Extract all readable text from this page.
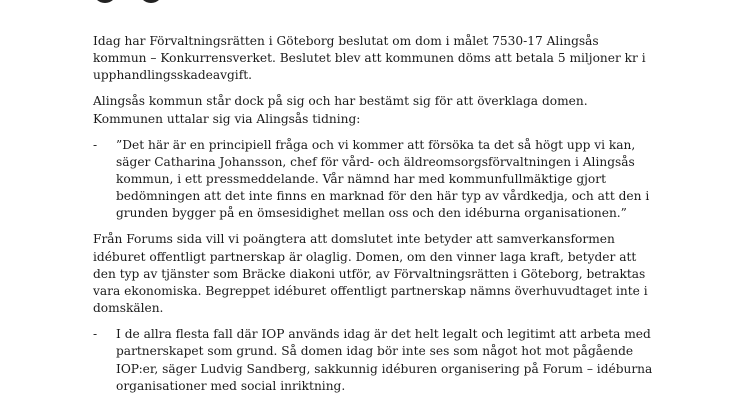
Idag har Förvaltningsrätten i Göteborg beslutat om dom i målet 7530-17 Alingsås
kommun – Konkurrensverket. Beslutet blev att kommunen döms att betala 5 miljoner kr i
upphandlingsskadeavgift.
Alingsås kommun står dock på sig och har bestämt sig för att överklaga domen.
Kommunen uttalar sig via Alingsås tidning:
- ”Det här är en principiell fråga och vi kommer att försöka ta det så högt upp vi kan,
säger Catharina Johansson, chef för vård- och äldreomsorgsförvaltningen i Alingsås
kommun, i ett pressmeddelande. Vår nämnd har med kommunfullmäktige gjort
bedömningen att det inte finns en marknad för den här typ av vårdkedja, och att den i
grunden bygger på en ömsesidighet mellan oss och den idéburna organisationen.”
Från Forums sida vill vi poängtera att domslutet inte betyder att samverkansformen
idéburet offentligt partnerskap är olaglig. Domen, om den vinner laga kraft, betyder att
den typ av tjänster som Bräcke diakoni utför, av Förvaltningsrätten i Göteborg, betraktas
vara ekonomiska. Begreppet idéburet offentligt partnerskap nämns överhuvudtaget inte i
domskälen.
- I de allra flesta fall där IOP används idag är det helt legalt och legitimt att arbeta med
partnerskapet som grund. Så domen idag bör inte ses som något hot mot pågående
IOP:er, säger Ludvig Sandberg, sakkunnig idéburen organisering på Forum – idéburna
organisationer med social inriktning.
